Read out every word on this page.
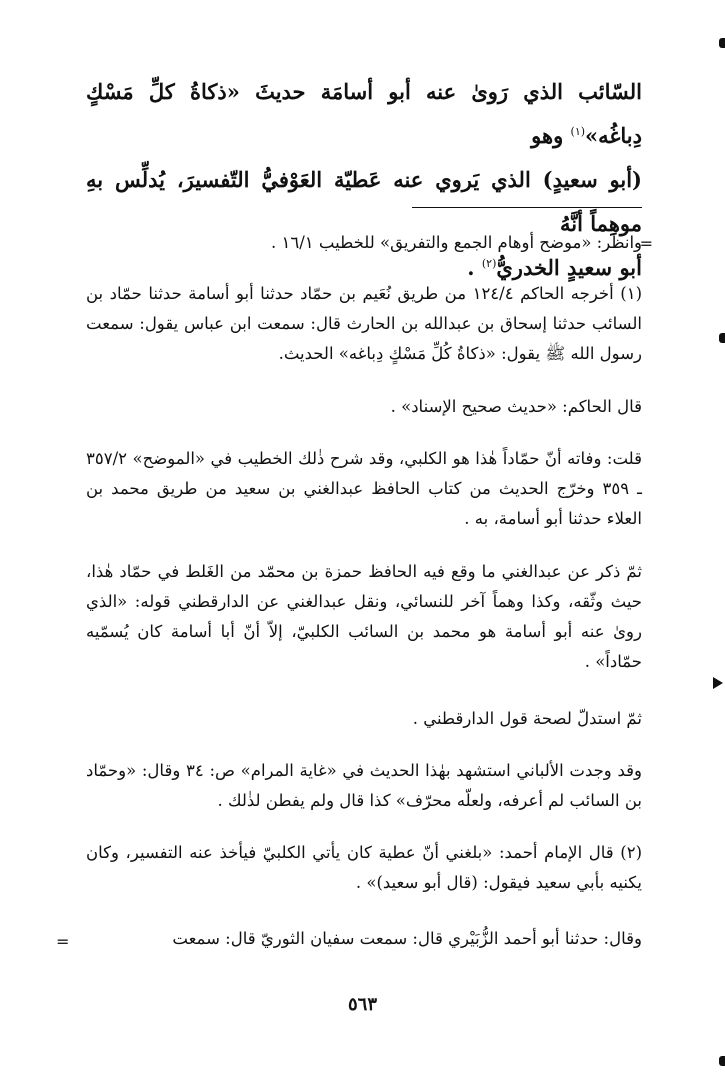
السّائب الذي رَوىٰ عنه أبو أسامَة حديثَ «ذكاةُ كلِّ مَسْكٍ دِباغُه»$^{(١)}$ وهو
(أبو سعيدٍ) الذي يَروي عنه عَطيّة العَوْفيُّ التّفسيرَ، يُدلِّس بهِ موهِماً أنَّهُ
أبو سعيدٍ الخدريُّ$^{(٢)}$ .
=

وانظر: «موضح أوهام الجمع والتفريق» للخطيب ١٦/١ .

(١) أخرجه الحاكم ١٢٤/٤ من طريق نُعَيم بن حمّاد حدثنا أبو أسامة حدثنا حمّاد بن السائب حدثنا إسحاق بن عبدالله بن الحارث قال: سمعت ابن عباس يقول: سمعت رسول الله ﷺ يقول: «ذكاةُ كُلِّ مَسْكٍ دِباغه» الحديث.

قال الحاكم: «حديث صحيح الإسناد» .

قلت: وفاته أنّ حمّاداً هٰذا هو الكلبي، وقد شرح ذٰلك الخطيب في «الموضح» ٣٥٧/٢ ـ ٣٥٩ وخرّج الحديث من كتاب الحافظ عبدالغني بن سعيد من طريق محمد بن العلاء حدثنا أبو أسامة، به .

ثمّ ذكر عن عبدالغني ما وقع فيه الحافظ حمزة بن محمّد من الغَلط في حمّاد هٰذا، حيث وثّقه، وكذا وهماً آخر للنسائي، ونقل عبدالغني عن الدارقطني قوله: «الذي روىٰ عنه أبو أسامة هو محمد بن السائب الكلبيّ، إلاّ أنّ أبا أسامة كان يُسمّيه حمّاداً» .

ثمّ استدلّ لصحة قول الدارقطني .

وقد وجدت الألباني استشهد بهٰذا الحديث في «غاية المرام» ص: ٣٤ وقال: «وحمّاد بن السائب لم أعرفه، ولعلّه محرّف» كذا قال ولم يفطن لذٰلك .

(٢) قال الإمام أحمد: «بلغني أنّ عطية كان يأتي الكلبيّ فيأخذ عنه التفسير، وكان يكنيه بأبي سعيد فيقول: (قال أبو سعيد)» .

وقال: حدثنا أبو أحمد الزُّبَيْري قال: سمعت سفيان الثوريّ قال: سمعت

=
٥٦٣
